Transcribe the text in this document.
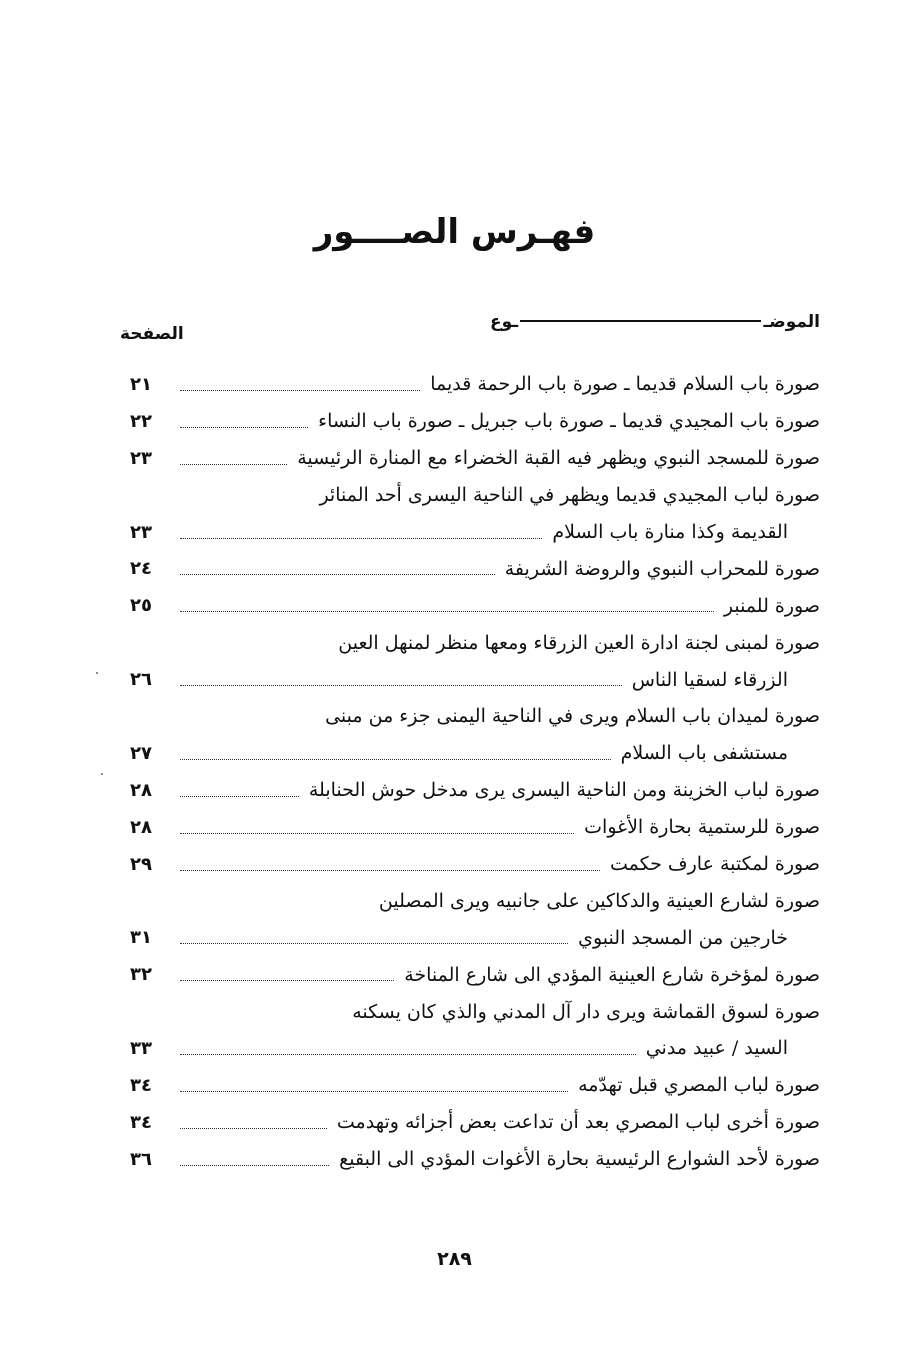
فهـرس الصــــور
الموضـ
ـوع
الصفحة
صورة باب السلام قديما ـ صورة باب الرحمة قديما
٢١
صورة باب المجيدي قديما ـ صورة باب جبريل ـ صورة باب النساء
٢٢
صورة للمسجد النبوي ويظهر فيه القبة الخضراء مع المنارة الرئيسية
٢٣
صورة لباب المجيدي قديما ويظهر في الناحية اليسرى أحد المنائر
القديمة وكذا منارة باب السلام
٢٣
صورة للمحراب النبوي والروضة الشريفة
٢٤
صورة للمنبر
٢٥
صورة لمبنى لجنة ادارة العين الزرقاء ومعها منظر لمنهل العين
الزرقاء لسقيا الناس
٢٦
صورة لميدان باب السلام ويرى في الناحية اليمنى جزء من مبنى
مستشفى باب السلام
٢٧
صورة لباب الخزينة ومن الناحية اليسرى يرى مدخل حوش الحنابلة
٢٨
صورة للرستمية بحارة الأغوات
٢٨
صورة لمكتبة عارف حكمت
٢٩
صورة لشارع العينية والدكاكين على جانبيه ويرى المصلين
خارجين من المسجد النبوي
٣١
صورة لمؤخرة شارع العينية المؤدي الى شارع المناخة
٣٢
صورة لسوق القماشة ويرى دار آل المدني والذي كان يسكنه
السيد / عبيد مدني
٣٣
صورة لباب المصري قبل تهدّمه
٣٤
صورة أخرى لباب المصري بعد أن تداعت بعض أجزائه وتهدمت
٣٤
صورة لأحد الشوارع الرئيسية بحارة الأغوات المؤدي الى البقيع
٣٦
٢٨٩
